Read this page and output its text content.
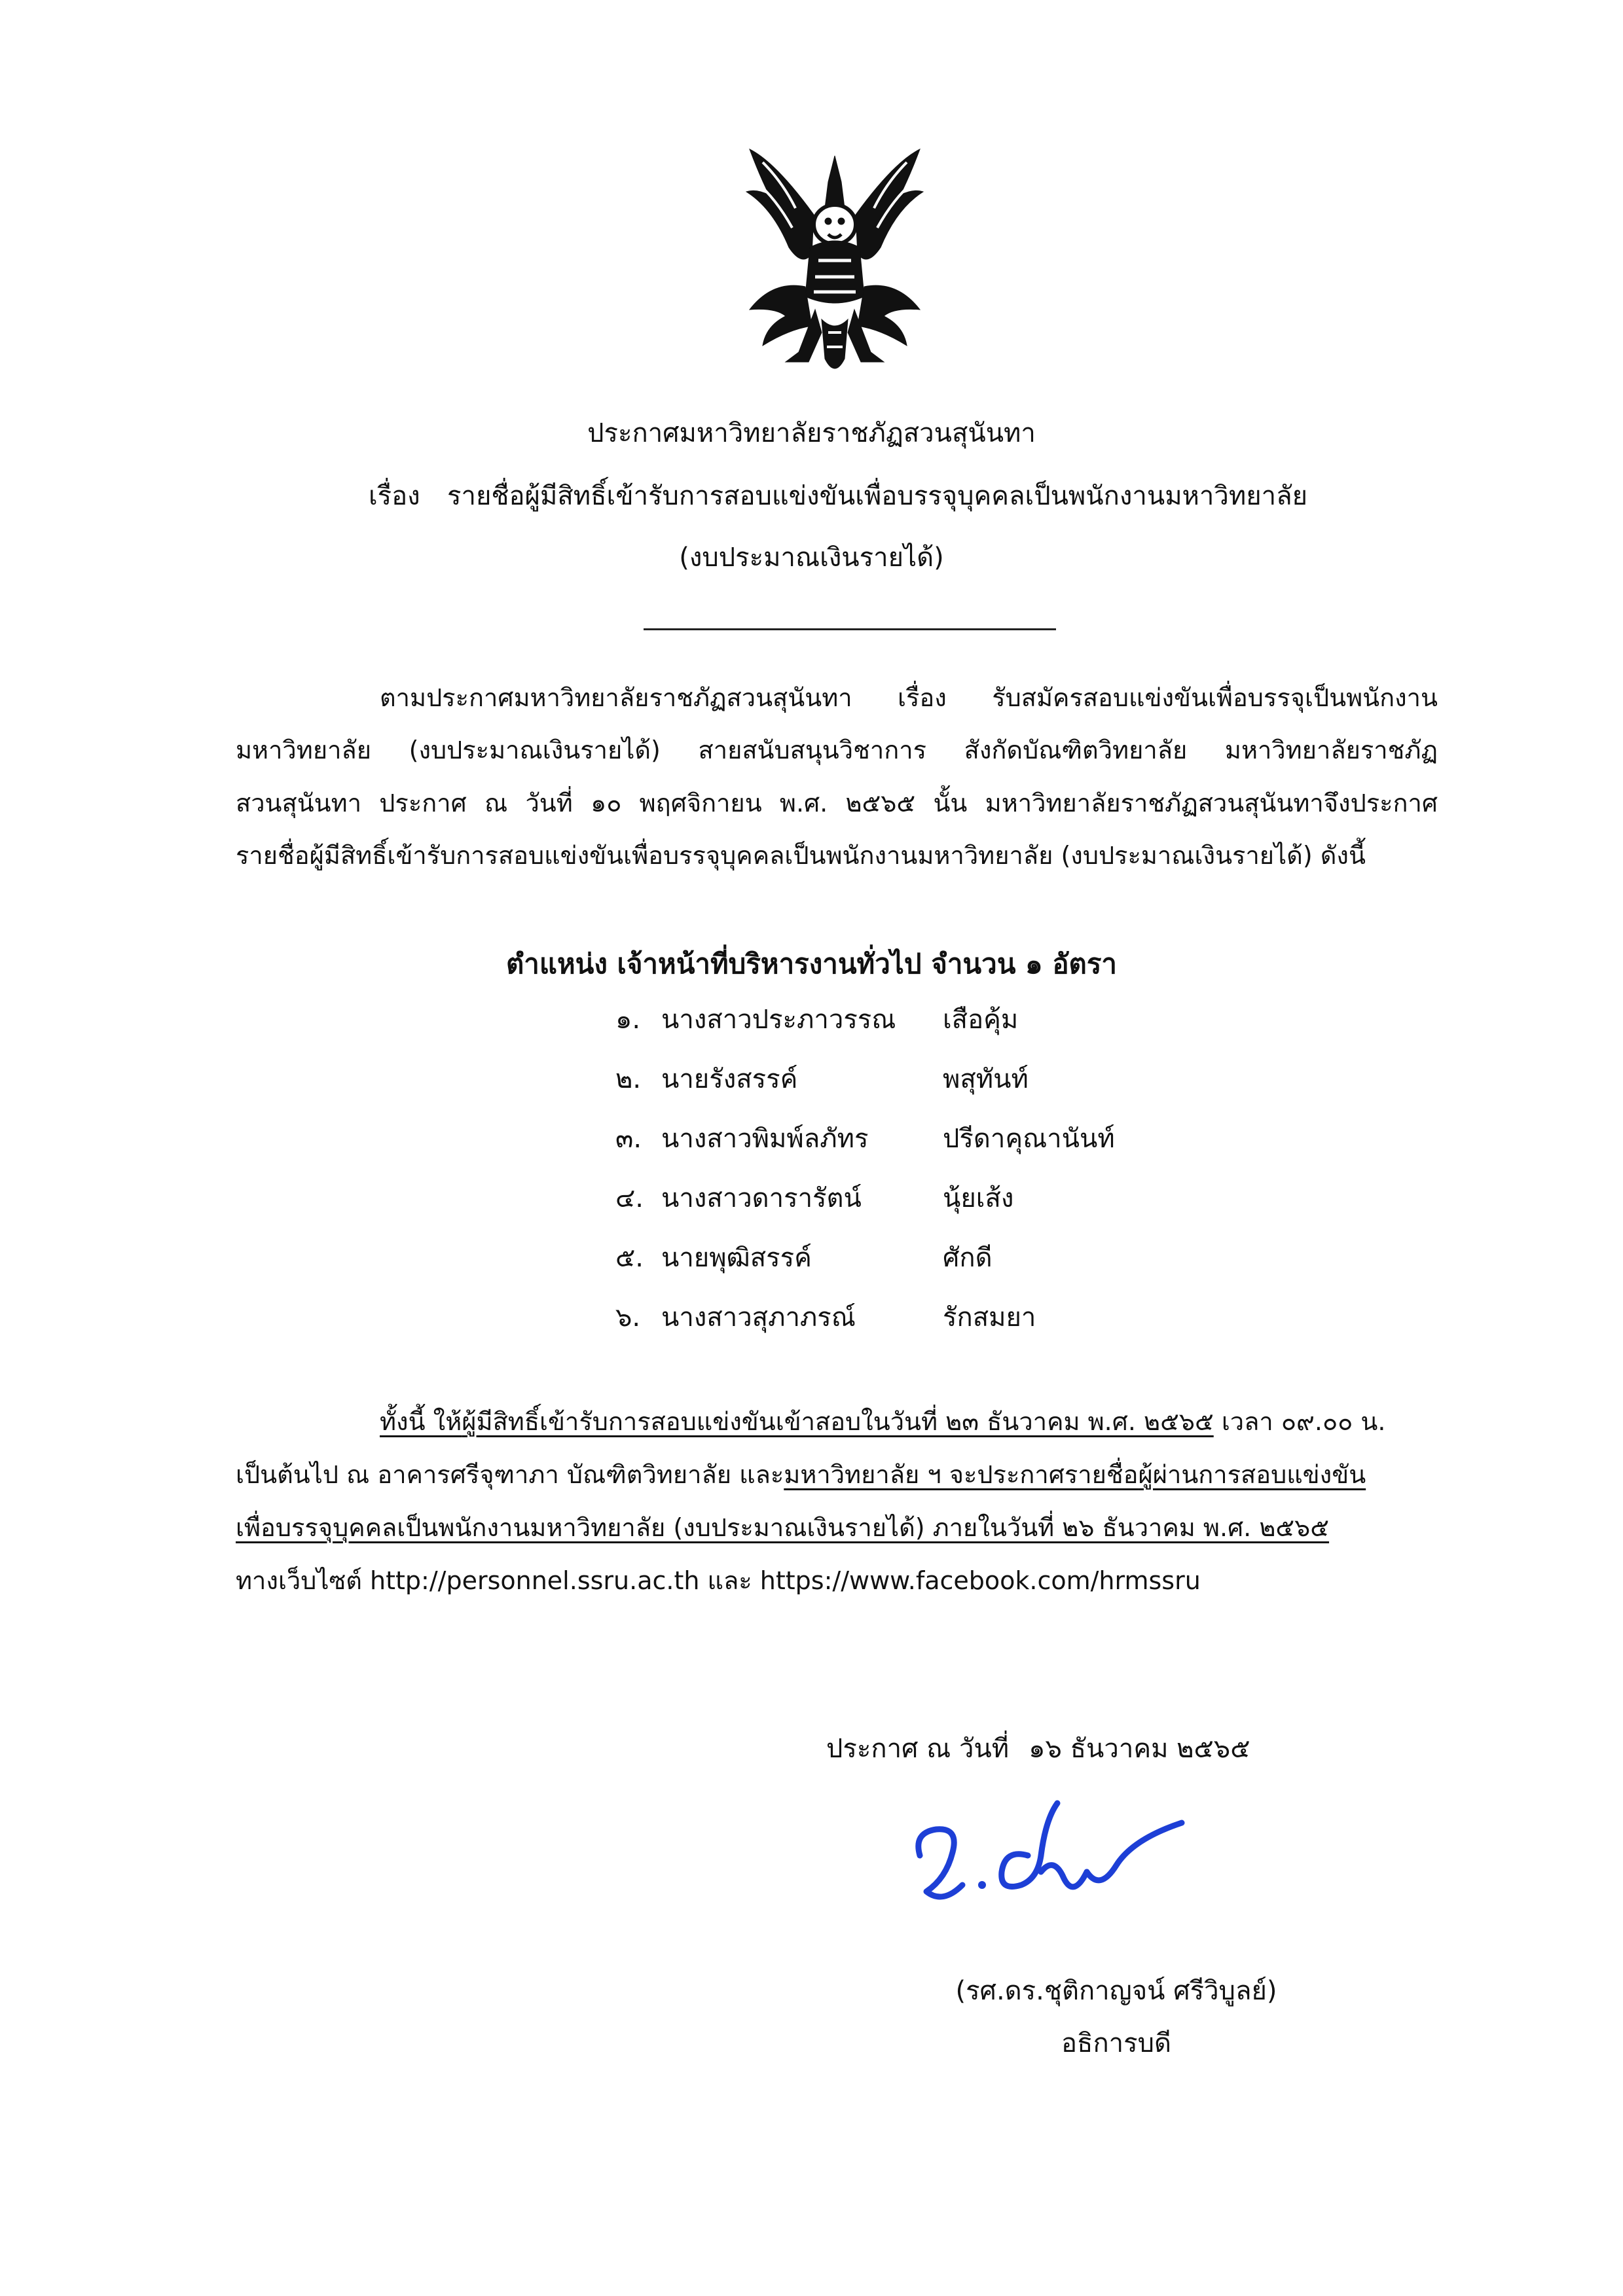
ประกาศมหาวิทยาลัยราชภัฏสวนสุนันทา
เรื่อง รายชื่อผู้มีสิทธิ์เข้ารับการสอบแข่งขันเพื่อบรรจุบุคคลเป็นพนักงานมหาวิทยาลัย
(งบประมาณเงินรายได้)
ตามประกาศมหาวิทยาลัยราชภัฏสวนสุนันทา เรื่อง รับสมัครสอบแข่งขันเพื่อบรรจุเป็นพนักงาน
มหาวิทยาลัย (งบประมาณเงินรายได้) สายสนับสนุนวิชาการ สังกัดบัณฑิตวิทยาลัย มหาวิทยาลัยราชภัฏ
สวนสุนันทา ประกาศ ณ วันที่ ๑๐ พฤศจิกายน พ.ศ. ๒๕๖๕ นั้น มหาวิทยาลัยราชภัฏสวนสุนันทาจึงประกาศ
รายชื่อผู้มีสิทธิ์เข้ารับการสอบแข่งขันเพื่อบรรจุบุคคลเป็นพนักงานมหาวิทยาลัย (งบประมาณเงินรายได้) ดังนี้
ตำแหน่ง เจ้าหน้าที่บริหารงานทั่วไป จำนวน ๑ อัตรา
๑. นางสาวประภาวรรณ เสือคุ้ม
๒. นายรังสรรค์	พสุทันท์
๓. นางสาวพิมพ์ลภัทร	ปรีดาคุณานันท์
๔. นางสาวดารารัตน์	นุ้ยเส้ง
๕. นายพุฒิสรรค์	ศักดี
๖. นางสาวสุภาภรณ์	รักสมยา
ทั้งนี้ ให้ผู้มีสิทธิ์เข้ารับการสอบแข่งขันเข้าสอบในวันที่ ๒๓ ธันวาคม พ.ศ. ๒๕๖๕ เวลา ๐๙.๐๐ น.
เป็นต้นไป ณ อาคารศรีจุฑาภา บัณฑิตวิทยาลัย และมหาวิทยาลัย ฯ จะประกาศรายชื่อผู้ผ่านการสอบแข่งขัน
เพื่อบรรจุบุคคลเป็นพนักงานมหาวิทยาลัย (งบประมาณเงินรายได้) ภายในวันที่ ๒๖ ธันวาคม พ.ศ. ๒๕๖๕
ทางเว็บไซต์ http://personnel.ssru.ac.th และ https://www.facebook.com/hrmssru
ประกาศ ณ วันที่ ๑๖ ธันวาคม ๒๕๖๕
(รศ.ดร.ชุติกาญจน์ ศรีวิบูลย์)
อธิการบดี
